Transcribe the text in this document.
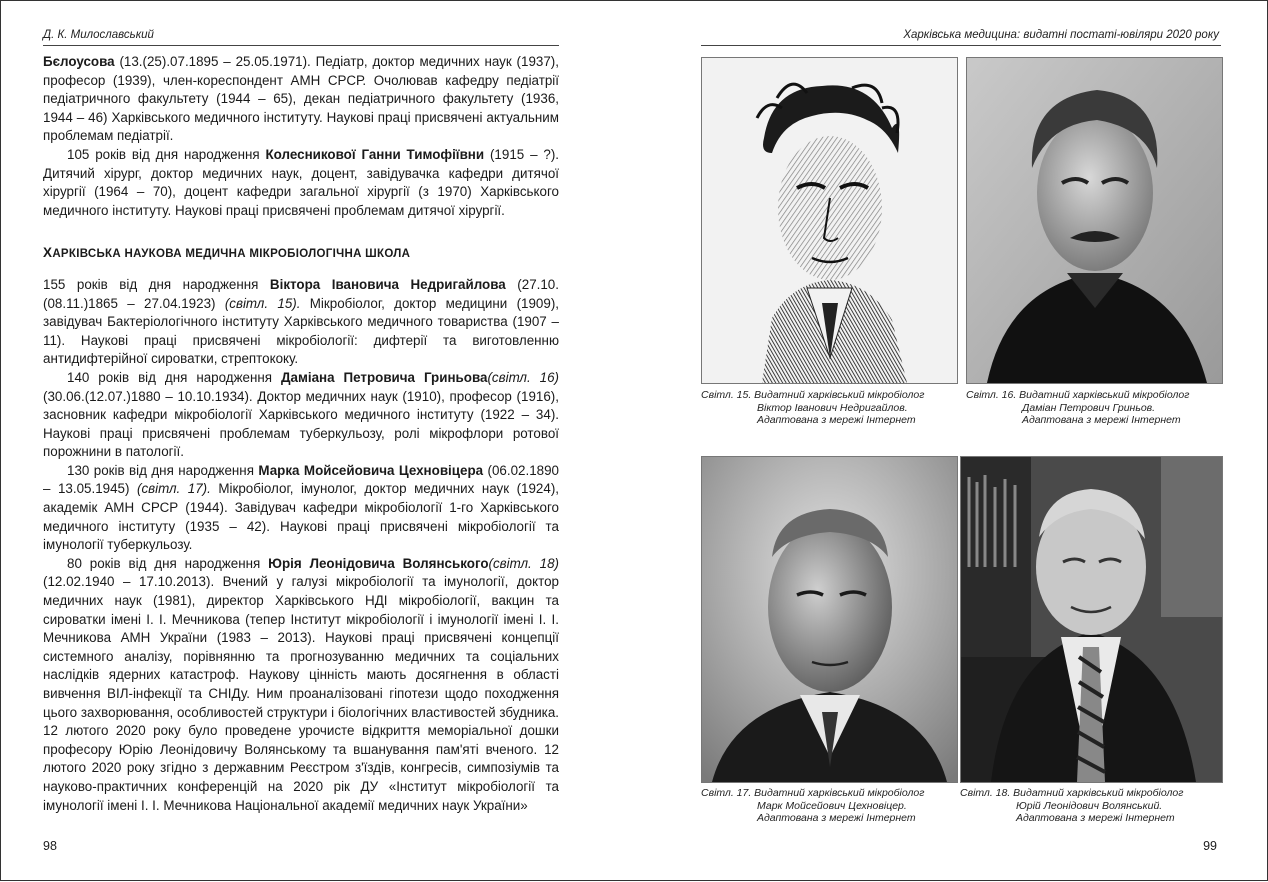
Д. К. Милославський

Бєлоусова (13.(25).07.1895 – 25.05.1971). Педіатр, доктор медичних наук (1937), професор (1939), член-кореспондент АМН СРСР. Очолював кафедру педіатрії педіатричного факультету (1944 – 65), декан педіатричного факультету (1936, 1944 – 46) Харківського медичного інституту. Наукові праці присвячені актуальним проблемам педіатрії.

105 років від дня народження Колесникової Ганни Тимофіївни (1915 – ?). Дитячий хірург, доктор медичних наук, доцент, завідувачка кафедри дитячої хірургії (1964 – 70), доцент кафедри загальної хірургії (з 1970) Харківського медичного інституту. Наукові праці присвячені проблемам дитячої хірургії.

ХАРКІВСЬКА НАУКОВА МЕДИЧНА МІКРОБІОЛОГІЧНА ШКОЛА

155 років від дня народження Віктора Івановича Недригайлова (27.10.(08.11.)1865 – 27.04.1923) (світл. 15). Мікробіолог, доктор медицини (1909), завідувач Бактеріологічного інституту Харківського медичного товариства (1907 – 11). Наукові праці присвячені мікробіології: дифтерії та виготовленню антидифтерійної сироватки, стрептококу.

140 років від дня народження Даміана Петровича Гриньова(світл. 16) (30.06.(12.07.)1880 – 10.10.1934). Доктор медичних наук (1910), професор (1916), засновник кафедри мікробіології Харківського медичного інституту (1922 – 34). Наукові праці присвячені проблемам туберкульозу, ролі мікрофлори ротової порожнини в патології.

130 років від дня народження Марка Мойсейовича Цехновіцера (06.02.1890 – 13.05.1945) (світл. 17). Мікробіолог, імунолог, доктор медичних наук (1924), академік АМН СРСР (1944). Завідувач кафедри мікробіології 1-го Харківського медичного інституту (1935 – 42). Наукові праці присвячені мікробіології та імунології туберкульозу.

80 років від дня народження Юрія Леонідовича Волянського(світл. 18) (12.02.1940 – 17.10.2013). Вчений у галузі мікробіології та імунології, доктор медичних наук (1981), директор Харківського НДІ мікробіології, вакцин та сироватки імені І. І. Мечникова (тепер Інститут мікробіології і імунології імені І. І. Мечникова АМН України (1983 – 2013). Наукові праці присвячені концепції системного аналізу, порівнянню та прогнозуванню медичних та соціальних наслідків ядерних катастроф. Наукову цінність мають досягнення в області вивчення ВІЛ-інфекції та СНІДу. Ним проаналізовані гіпотези щодо походження цього захворювання, особливостей структури і біологічних властивостей збудника. 12 лютого 2020 року було проведене урочисте відкриття меморіальної дошки професору Юрію Леонідовичу Волянському та вшанування пам'яті вченого. 12 лютого 2020 року згідно з державним Реєстром з'їздів, конгресів, симпозіумів та науково-практичних конференцій на 2020 рік ДУ «Інститут мікробіології та імунології імені І. І. Мечникова Національної академії медичних наук України»

98
Харківська медицина: видатні постаті-ювіляри 2020 року
Світл. 15. Видатний харківський мікробіолог
Віктор Іванович Недригайлов.
Адаптована з мережі Інтернет
Світл. 16. Видатний харківський мікробіолог
Даміан Петрович Гриньов.
Адаптована з мережі Інтернет
Світл. 17. Видатний харківський мікробіолог
Марк Мойсейович Цехновіцер.
Адаптована з мережі Інтернет
Світл. 18. Видатний харківський мікробіолог
Юрій Леонідович Волянський.
Адаптована з мережі Інтернет
99
